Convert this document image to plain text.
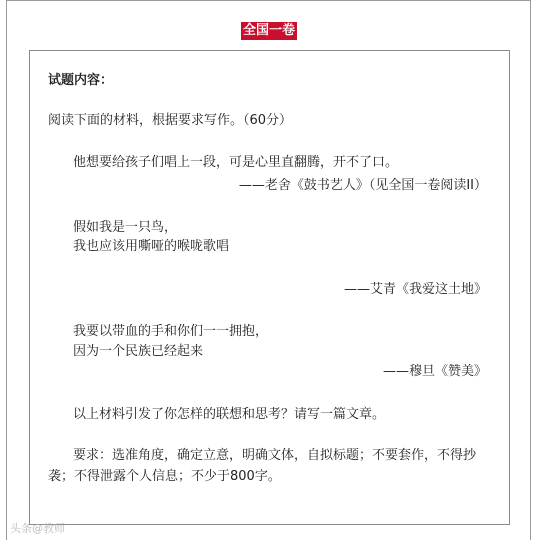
全国一卷
试题内容：
阅读下面的材料，根据要求写作。（60分）
他想要给孩子们唱上一段，可是心里直翻腾，开不了口。
——老舍《鼓书艺人》（见全国一卷阅读II）
假如我是一只鸟，
我也应该用嘶哑的喉咙歌唱
——艾青《我爱这土地》
我要以带血的手和你们一一拥抱，
因为一个民族已经起来
——穆旦《赞美》
以上材料引发了你怎样的联想和思考？请写一篇文章。
要求：选准角度，确定立意，明确文体，自拟标题；不要套作，不得抄
袭；不得泄露个人信息；不少于800字。
头条@教师
